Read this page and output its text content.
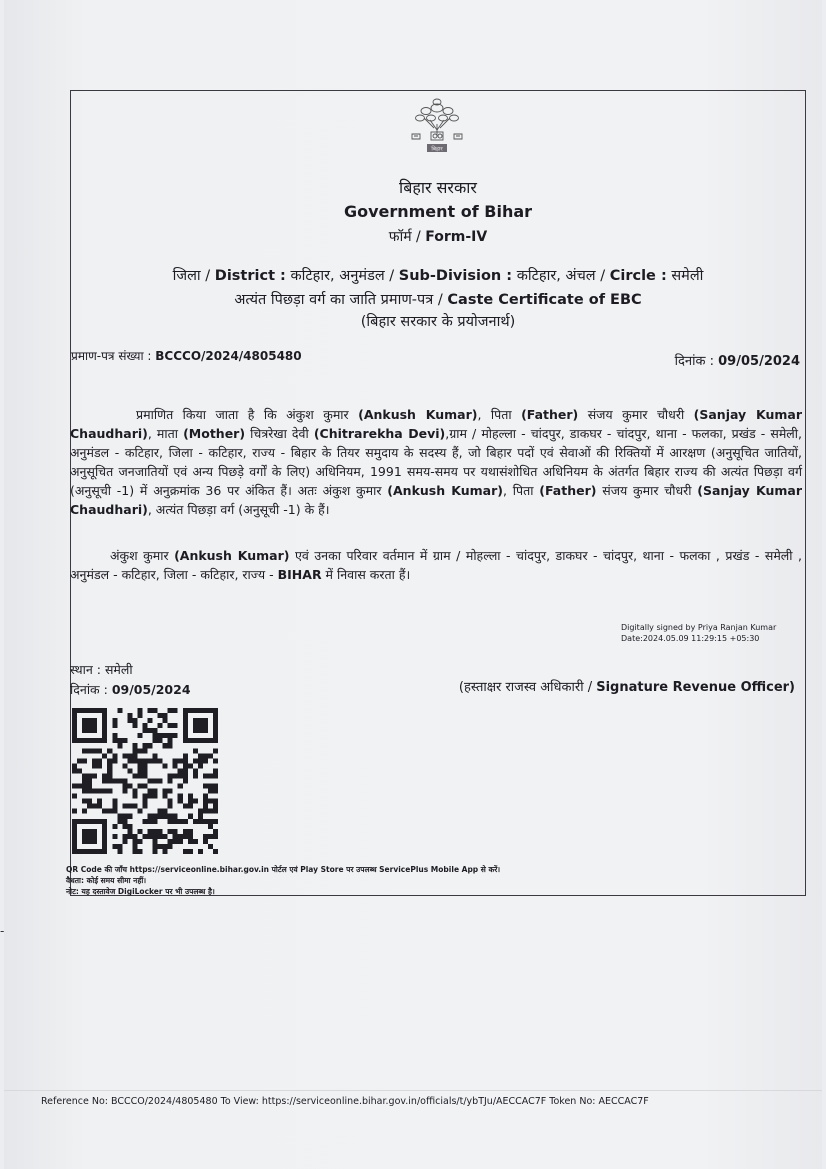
बिहार
बिहार सरकार
Government of Bihar
फॉर्म / Form-IV
जिला / District : कटिहार, अनुमंडल / Sub-Division : कटिहार, अंचल / Circle : समेली
अत्यंत पिछड़ा वर्ग का जाति प्रमाण-पत्र / Caste Certificate of EBC
(बिहार सरकार के प्रयोजनार्थ)
प्रमाण-पत्र संख्या : BCCCO/2024/4805480	दिनांक : 09/05/2024
प्रमाणित किया जाता है कि अंकुश कुमार (Ankush Kumar), पिता (Father) संजय कुमार चौधरी (Sanjay Kumar Chaudhari), माता (Mother) चित्ररेखा देवी (Chitrarekha Devi),ग्राम / मोहल्ला - चांदपुर, डाकघर - चांदपुर, थाना - फलका, प्रखंड - समेली, अनुमंडल - कटिहार, जिला - कटिहार, राज्य - बिहार के तियर समुदाय के सदस्य हैं, जो बिहार पदों एवं सेवाओं की रिक्तियों में आरक्षण (अनुसूचित जातियों, अनुसूचित जनजातियों एवं अन्य पिछड़े वर्गों के लिए) अधिनियम, 1991 समय-समय पर यथासंशोधित अधिनियम के अंतर्गत बिहार राज्य की अत्यंत पिछड़ा वर्ग (अनुसूची -1) में अनुक्रमांक 36 पर अंकित हैं। अतः अंकुश कुमार (Ankush Kumar), पिता (Father) संजय कुमार चौधरी (Sanjay Kumar Chaudhari), अत्यंत पिछड़ा वर्ग (अनुसूची -1) के हैं।
अंकुश कुमार (Ankush Kumar) एवं उनका परिवार वर्तमान में ग्राम / मोहल्ला - चांदपुर, डाकघर - चांदपुर, थाना - फलका , प्रखंड - समेली , अनुमंडल - कटिहार, जिला - कटिहार, राज्य - BIHAR में निवास करता हैं।
Digitally signed by Priya Ranjan Kumar
Date:2024.05.09 11:29:15 +05:30
स्थान : समेली
दिनांक : 09/05/2024	(हस्ताक्षर राजस्व अधिकारी / Signature Revenue Officer)
QR Code की जाँच https://serviceonline.bihar.gov.in पोर्टल एवं Play Store पर उपलब्ध ServicePlus Mobile App से करें।
वैधता: कोई समय सीमा नहीं।
नोट: यह दस्तावेज DigiLocker पर भी उपलब्ध है।
-
Reference No: BCCCO/2024/4805480 To View: https://serviceonline.bihar.gov.in/officials/t/ybTJu/AECCAC7F Token No: AECCAC7F
